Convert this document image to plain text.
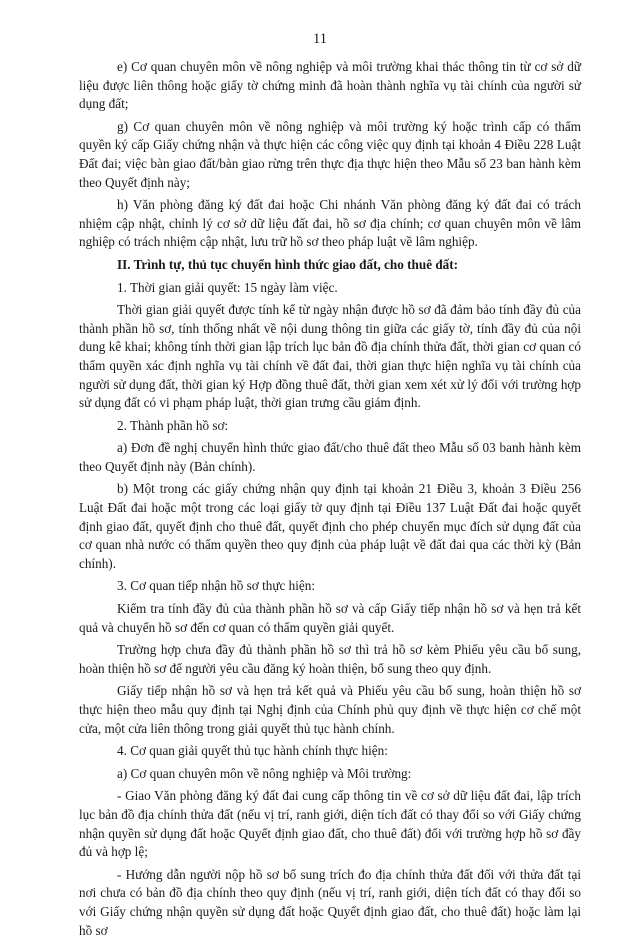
11

e) Cơ quan chuyên môn về nông nghiệp và môi trường khai thác thông tin từ cơ sở dữ liệu được liên thông hoặc giấy tờ chứng minh đã hoàn thành nghĩa vụ tài chính của người sử dụng đất;

g) Cơ quan chuyên môn về nông nghiệp và môi trường ký hoặc trình cấp có thẩm quyền ký cấp Giấy chứng nhận và thực hiện các công việc quy định tại khoản 4 Điều 228 Luật Đất đai; việc bàn giao đất/bàn giao rừng trên thực địa thực hiện theo Mẫu số 23 ban hành kèm theo Quyết định này;

h) Văn phòng đăng ký đất đai hoặc Chi nhánh Văn phòng đăng ký đất đai có trách nhiệm cập nhật, chỉnh lý cơ sở dữ liệu đất đai, hồ sơ địa chính; cơ quan chuyên môn về lâm nghiệp có trách nhiệm cập nhật, lưu trữ hồ sơ theo pháp luật về lâm nghiệp.

II. Trình tự, thủ tục chuyển hình thức giao đất, cho thuê đất:

1. Thời gian giải quyết: 15 ngày làm việc.

Thời gian giải quyết được tính kể từ ngày nhận được hồ sơ đã đảm bảo tính đầy đủ của thành phần hồ sơ, tính thống nhất về nội dung thông tin giữa các giấy tờ, tính đầy đủ của nội dung kê khai; không tính thời gian lập trích lục bản đồ địa chính thửa đất, thời gian cơ quan có thẩm quyền xác định nghĩa vụ tài chính về đất đai, thời gian thực hiện nghĩa vụ tài chính của người sử dụng đất, thời gian ký Hợp đồng thuê đất, thời gian xem xét xử lý đối với trường hợp sử dụng đất có vi phạm pháp luật, thời gian trưng cầu giám định.

2. Thành phần hồ sơ:

a) Đơn đề nghị chuyển hình thức giao đất/cho thuê đất theo Mẫu số 03 banh hành kèm theo Quyết định này (Bản chính).

b) Một trong các giấy chứng nhận quy định tại khoản 21 Điều 3, khoản 3 Điều 256 Luật Đất đai hoặc một trong các loại giấy tờ quy định tại Điều 137 Luật Đất đai hoặc quyết định giao đất, quyết định cho thuê đất, quyết định cho phép chuyển mục đích sử dụng đất của cơ quan nhà nước có thẩm quyền theo quy định của pháp luật về đất đai qua các thời kỳ (Bản chính).

3. Cơ quan tiếp nhận hồ sơ thực hiện:

Kiểm tra tính đầy đủ của thành phần hồ sơ và cấp Giấy tiếp nhận hồ sơ và hẹn trả kết quả và chuyển hồ sơ đến cơ quan có thẩm quyền giải quyết.

Trường hợp chưa đầy đủ thành phần hồ sơ thì trả hồ sơ kèm Phiếu yêu cầu bổ sung, hoàn thiện hồ sơ để người yêu cầu đăng ký hoàn thiện, bổ sung theo quy định.

Giấy tiếp nhận hồ sơ và hẹn trả kết quả và Phiếu yêu cầu bổ sung, hoàn thiện hồ sơ thực hiện theo mẫu quy định tại Nghị định của Chính phủ quy định về thực hiện cơ chế một cửa, một cửa liên thông trong giải quyết thủ tục hành chính.

4. Cơ quan giải quyết thủ tục hành chính thực hiện:

a) Cơ quan chuyên môn về nông nghiệp và Môi trường:

- Giao Văn phòng đăng ký đất đai cung cấp thông tin về cơ sở dữ liệu đất đai, lập trích lục bản đồ địa chính thửa đất (nếu vị trí, ranh giới, diện tích đất có thay đổi so với Giấy chứng nhận quyền sử dụng đất hoặc Quyết định giao đất, cho thuê đất) đối với trường hợp hồ sơ đầy đủ và hợp lệ;

- Hướng dẫn người nộp hồ sơ bổ sung trích đo địa chính thửa đất đối với thửa đất tại nơi chưa có bản đồ địa chính theo quy định (nếu vị trí, ranh giới, diện tích đất có thay đổi so với Giấy chứng nhận quyền sử dụng đất hoặc Quyết định giao đất, cho thuê đất) hoặc làm lại hồ sơ
